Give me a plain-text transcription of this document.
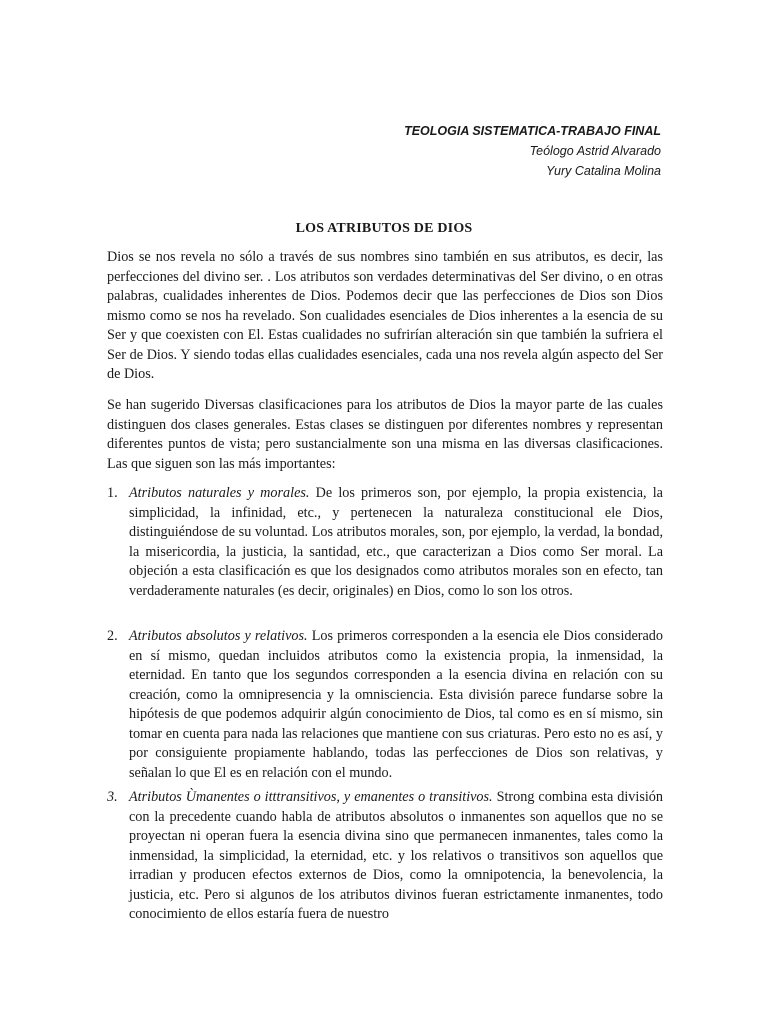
TEOLOGIA SISTEMATICA-TRABAJO FINAL
Teólogo Astrid Alvarado
Yury Catalina Molina
LOS ATRIBUTOS DE DIOS

Dios se nos revela no sólo a través de sus nombres sino también en sus atributos, es decir, las perfecciones del divino ser. . Los atributos son verdades determinativas del Ser divino, o en otras palabras, cualidades inherentes de Dios. Podemos decir que las perfecciones de Dios son Dios mismo como se nos ha revelado. Son cualidades esenciales de Dios inherentes a la esencia de su Ser y que coexisten con El. Estas cualidades no sufrirían alteración sin que también la sufriera el Ser de Dios. Y siendo todas ellas cualidades esenciales, cada una nos revela algún aspecto del Ser de Dios.

Se han sugerido Diversas clasificaciones para los atributos de Dios la mayor parte de las cuales distinguen dos clases generales. Estas clases se distinguen por diferentes nombres y representan diferentes puntos de vista; pero sustancialmente son una misma en las diversas clasificaciones. Las que siguen son las más importantes:

1. Atributos naturales y morales. De los primeros son, por ejemplo, la propia existencia, la simplicidad, la infinidad, etc., y pertenecen la naturaleza constitucional ele Dios, distinguiéndose de su voluntad. Los atributos morales, son, por ejemplo, la verdad, la bondad, la misericordia, la justicia, la santidad, etc., que caracterizan a Dios como Ser moral. La objeción a esta clasificación es que los designados como atributos morales son en efecto, tan verdaderamente naturales (es decir, originales) en Dios, como lo son los otros.
2. Atributos absolutos y relativos. Los primeros corresponden a la esencia ele Dios considerado en sí mismo, quedan incluidos atributos como la existencia propia, la inmensidad, la eternidad. En tanto que los segundos corresponden a la esencia divina en relación con su creación, como la omnipresencia y la omnisciencia. Esta división parece fundarse sobre la hipótesis de que podemos adquirir algún conocimiento de Dios, tal como es en sí mismo, sin tomar en cuenta para nada las relaciones que mantiene con sus criaturas. Pero esto no es así, y por consiguiente propiamente hablando, todas las perfecciones de Dios son relativas, y señalan lo que El es en relación con el mundo.
3. Atributos Ùmanentes o itttransitivos, y emanentes o transitivos. Strong combina esta división con la precedente cuando habla de atributos absolutos o inmanentes son aquellos que no se proyectan ni operan fuera la esencia divina sino que permanecen inmanentes, tales como la inmensidad, la simplicidad, la eternidad, etc. y los relativos o transitivos son aquellos que irradian y producen efectos externos de Dios, como la omnipotencia, la benevolencia, la justicia, etc. Pero si algunos de los atributos divinos fueran estrictamente inmanentes, todo conocimiento de ellos estaría fuera de nuestro
